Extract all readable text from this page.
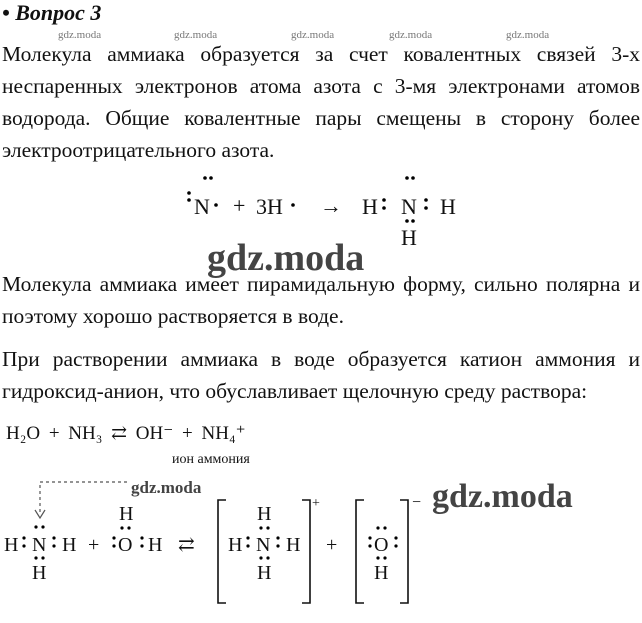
• Вопрос 3
gdz.moda	gdz.moda	gdz.moda	gdz.moda	gdz.moda

Молекула аммиака образуется за счет ковалентных связей 3-х неспаренных электронов атома азота с 3-мя электронами атомов водорода. Общие ковалентные пары смещены в сторону более электроотрицательного азота.

N + 3H → H N H
H
gdz.moda

Молекула аммиака имеет пирамидальную форму, сильно полярна и поэтому хорошо растворяется в воде.

При растворении аммиака в воде образуется катион аммония и гидроксид-анион, что обуславливает щелочную среду раствора:

H₂O + NH₃ ⇄ OH⁻ + NH₄⁺
ион аммония
H N H
H
+
H
O H ⇄
+
H
H N H
H
+
−
O
H
gdz.moda	gdz.moda
